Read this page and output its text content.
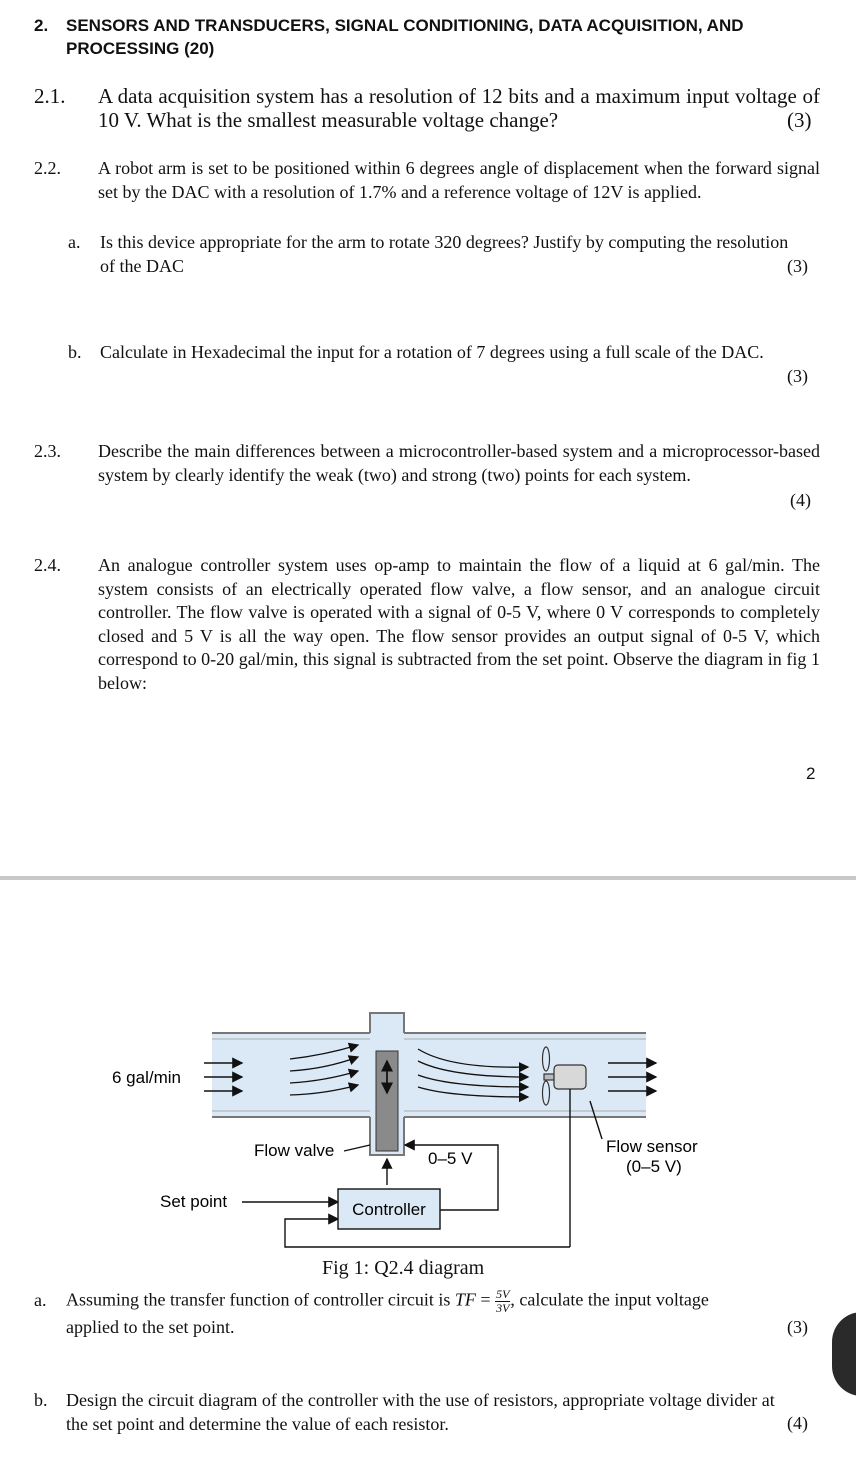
2. SENSORS AND TRANSDUCERS, SIGNAL CONDITIONING, DATA ACQUISITION, AND PROCESSING (20)
2.1. A data acquisition system has a resolution of 12 bits and a maximum input voltage of 10 V. What is the smallest measurable voltage change?	(3)
2.2. A robot arm is set to be positioned within 6 degrees angle of displacement when the forward signal set by the DAC with a resolution of 1.7% and a reference voltage of 12V is applied.
a. Is this device appropriate for the arm to rotate 320 degrees? Justify by computing the resolution of the DAC	(3)
b. Calculate in Hexadecimal the input for a rotation of 7 degrees using a full scale of the DAC.
(3)
2.3. Describe the main differences between a microcontroller-based system and a microprocessor-based system by clearly identify the weak (two) and strong (two) points for each system.
(4)
2.4. An analogue controller system uses op-amp to maintain the flow of a liquid at 6 gal/min. The system consists of an electrically operated flow valve, a flow sensor, and an analogue circuit controller. The flow valve is operated with a signal of 0-5 V, where 0 V corresponds to completely closed and 5 V is all the way open. The flow sensor provides an output signal of 0-5 V, which correspond to 0-20 gal/min, this signal is subtracted from the set point. Observe the diagram in fig 1 below:
2
Controller
6 gal/min
Flow valve	0–5 V
Flow sensor
(0–5 V)
Set point
Fig 1: Q2.4 diagram
a. Assuming the transfer function of controller circuit is TF = $\frac{5V}{3V}$ , calculate the input voltage
applied to the set point.	(3)
b. Design the circuit diagram of the controller with the use of resistors, appropriate voltage divider at the set point and determine the value of each resistor.	(4)
